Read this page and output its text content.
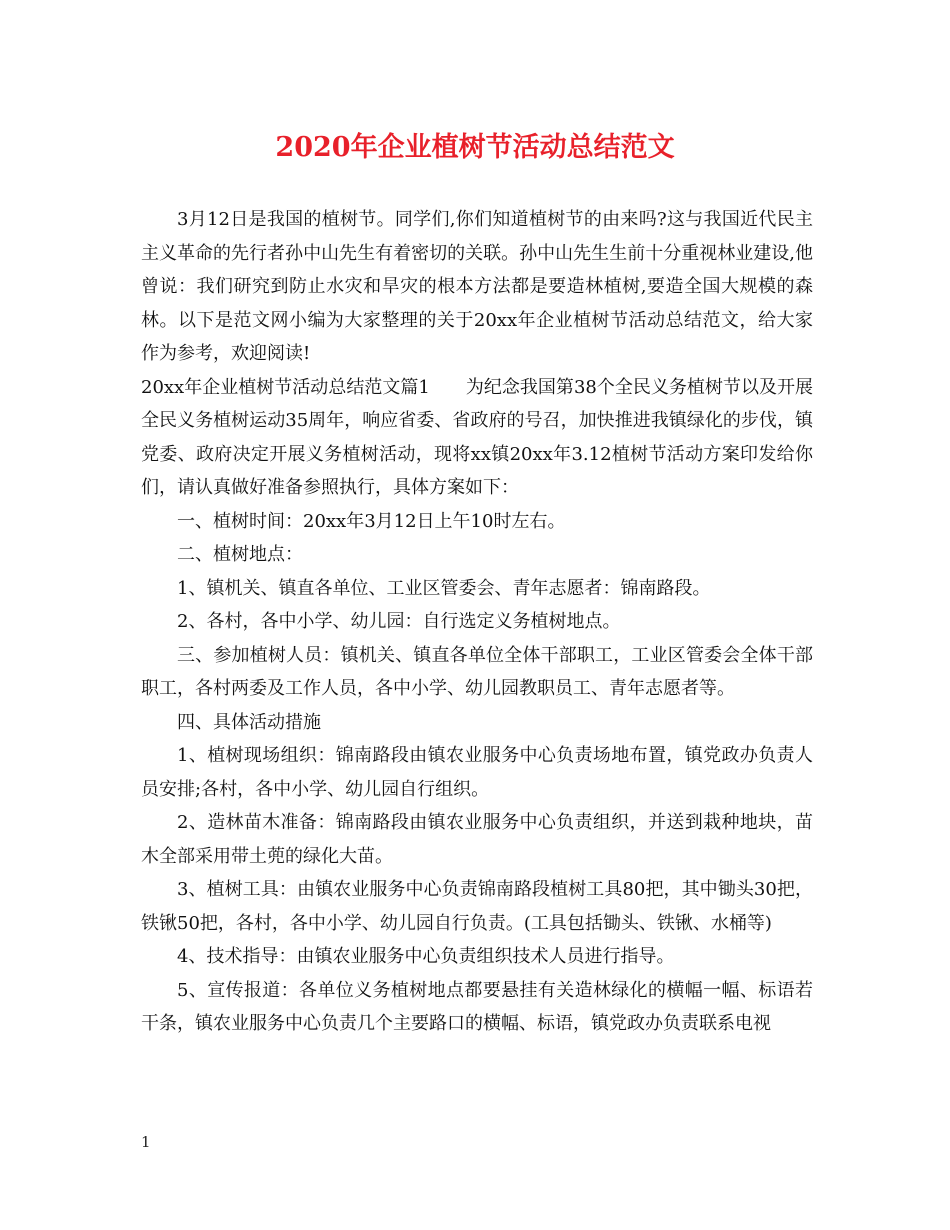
2020年企业植树节活动总结范文

3月12日是我国的植树节。同学们,你们知道植树节的由来吗?这与我国近代民主主义革命的先行者孙中山先生有着密切的关联。孙中山先生生前十分重视林业建设,他曾说：我们研究到防止水灾和旱灾的根本方法都是要造林植树,要造全国大规模的森林。以下是范文网小编为大家整理的关于20xx年企业植树节活动总结范文，给大家作为参考，欢迎阅读!

20xx年企业植树节活动总结范文篇1　　为纪念我国第38个全民义务植树节以及开展全民义务植树运动35周年，响应省委、省政府的号召，加快推进我镇绿化的步伐，镇党委、政府决定开展义务植树活动，现将xx镇20xx年3.12植树节活动方案印发给你们，请认真做好准备参照执行，具体方案如下：

一、植树时间：20xx年3月12日上午10时左右。

二、植树地点：

1、镇机关、镇直各单位、工业区管委会、青年志愿者：锦南路段。

2、各村，各中小学、幼儿园：自行选定义务植树地点。

三、参加植树人员：镇机关、镇直各单位全体干部职工，工业区管委会全体干部职工，各村两委及工作人员，各中小学、幼儿园教职员工、青年志愿者等。

四、具体活动措施

1、植树现场组织：锦南路段由镇农业服务中心负责场地布置，镇党政办负责人员安排;各村，各中小学、幼儿园自行组织。

2、造林苗木准备：锦南路段由镇农业服务中心负责组织，并送到栽种地块，苗木全部采用带土蔸的绿化大苗。

3、植树工具：由镇农业服务中心负责锦南路段植树工具80把，其中锄头30把，铁锹50把，各村，各中小学、幼儿园自行负责。(工具包括锄头、铁锹、水桶等)

4、技术指导：由镇农业服务中心负责组织技术人员进行指导。

5、宣传报道：各单位义务植树地点都要悬挂有关造林绿化的横幅一幅、标语若干条，镇农业服务中心负责几个主要路口的横幅、标语，镇党政办负责联系电视

1
